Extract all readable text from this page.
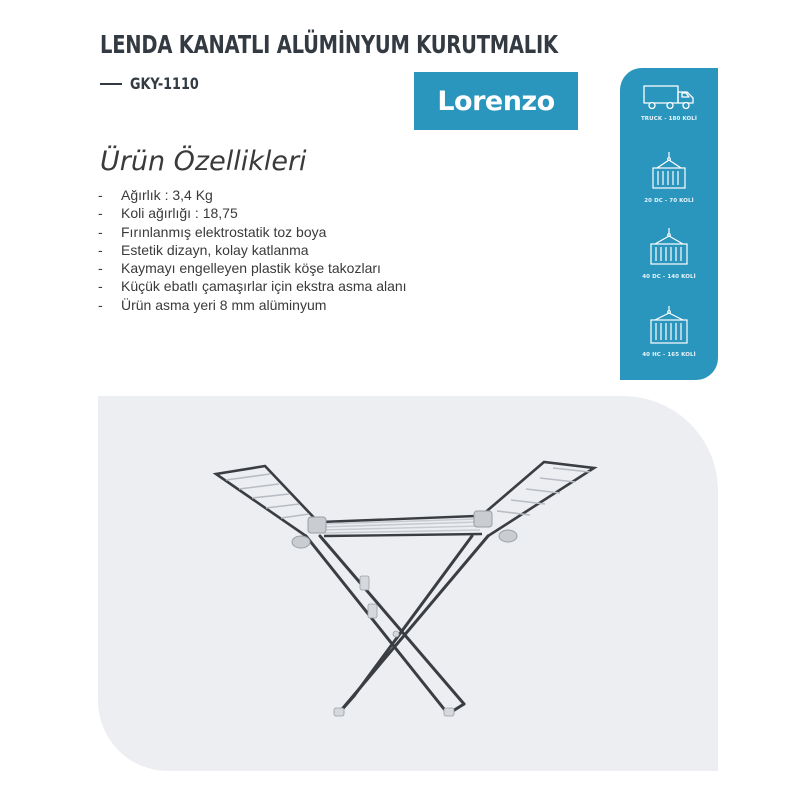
LENDA KANATLI ALÜMİNYUM KURUTMALIK
GKY-1110
Lorenzo
Ürün Özellikleri
- Ağırlık : 3,4 Kg
- Koli ağırlığı : 18,75
- Fırınlanmış elektrostatik toz boya
- Estetik dizayn, kolay katlanma
- Kaymayı engelleyen plastik köşe takozları
- Küçük ebatlı çamaşırlar için ekstra asma alanı
- Ürün asma yeri 8 mm alüminyum
TRUCK - 180 KOLİ
20 DC - 70 KOLİ
40 DC - 140 KOLİ
40 HC - 165 KOLİ
